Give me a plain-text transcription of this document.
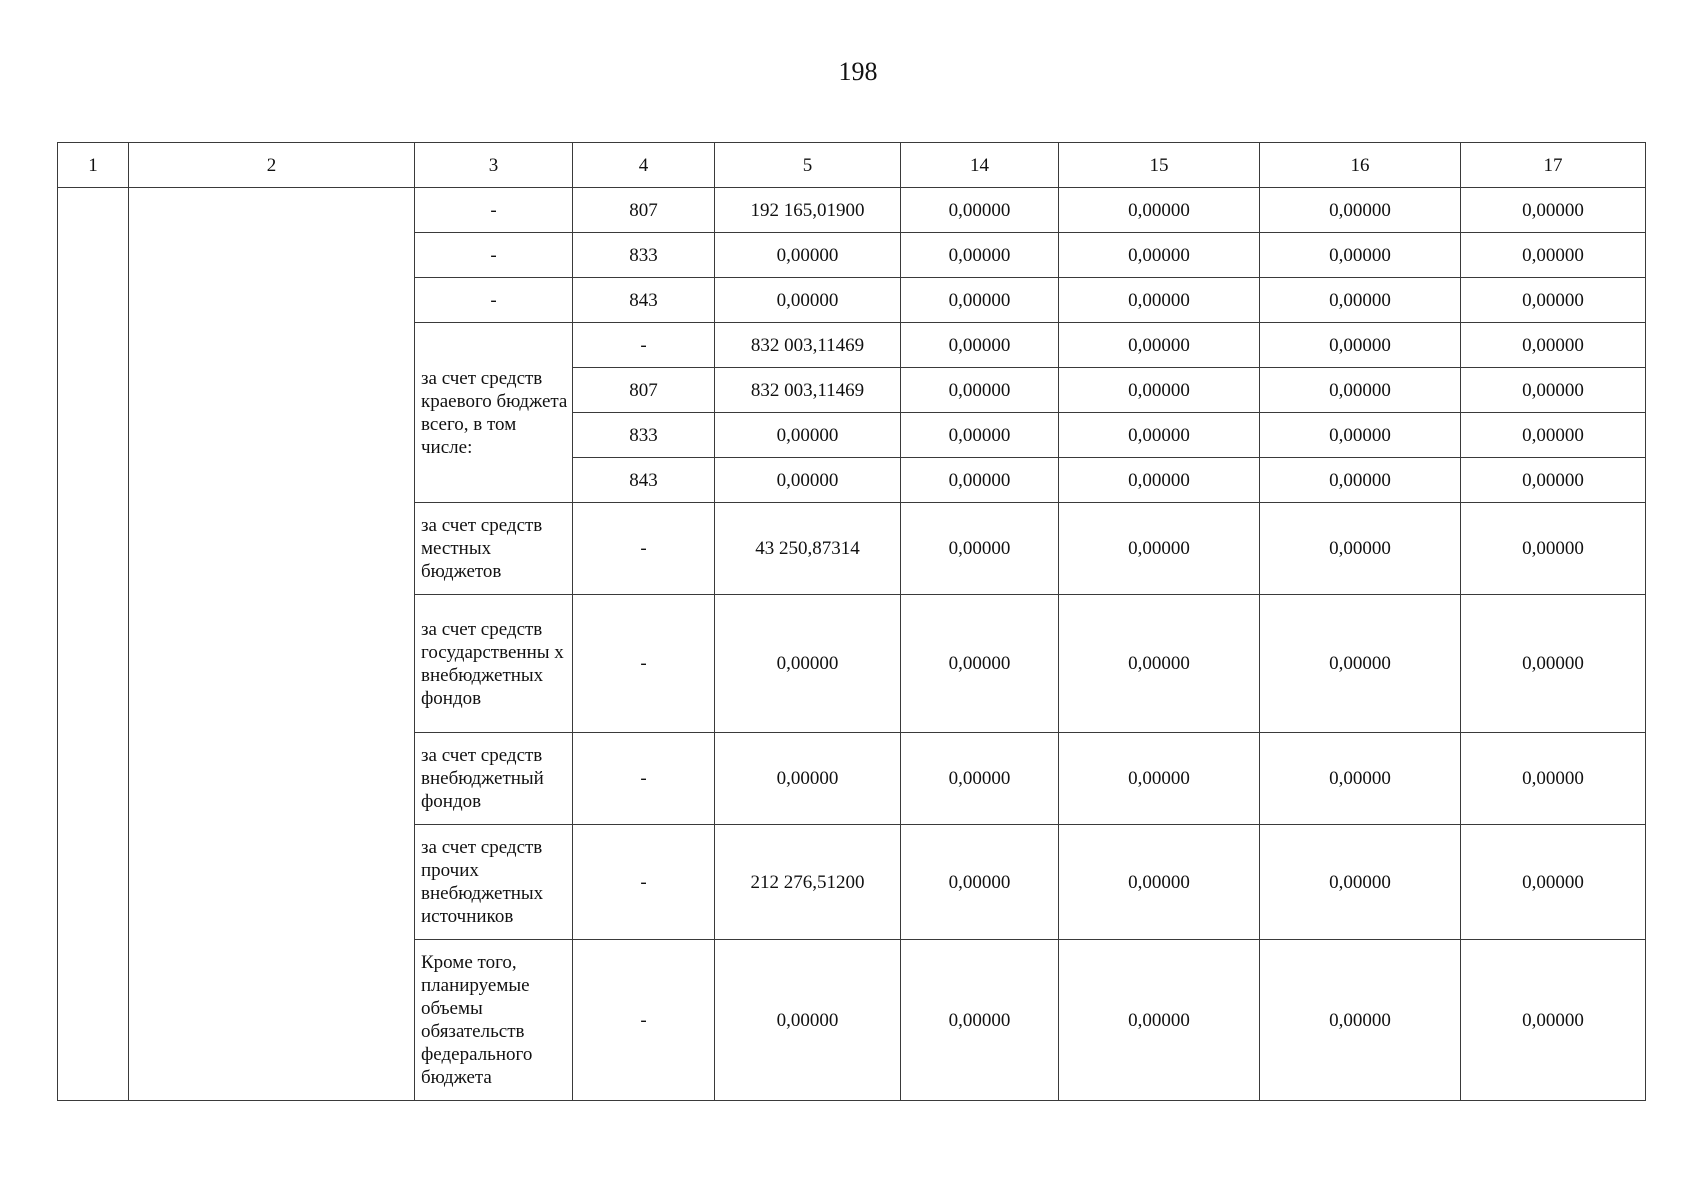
198
1	2	3	4	5	14	15	16	17
		-	807	192 165,01900	0,00000	0,00000	0,00000	0,00000
		-	833	0,00000	0,00000	0,00000	0,00000	0,00000
		-	843	0,00000	0,00000	0,00000	0,00000	0,00000
		за счет средств краевого бюджета всего, в том числе:	-	832 003,11469	0,00000	0,00000	0,00000	0,00000
			807	832 003,11469	0,00000	0,00000	0,00000	0,00000
			833	0,00000	0,00000	0,00000	0,00000	0,00000
			843	0,00000	0,00000	0,00000	0,00000	0,00000
		за счет средств местных бюджетов	-	43 250,87314	0,00000	0,00000	0,00000	0,00000
		за счет средств государственны х внебюджетных фондов	-	0,00000	0,00000	0,00000	0,00000	0,00000
		за счет средств внебюджетный фондов	-	0,00000	0,00000	0,00000	0,00000	0,00000
		за счет средств прочих внебюджетных источников	-	212 276,51200	0,00000	0,00000	0,00000	0,00000
		Кроме того, планируемые объемы обязательств федерального бюджета	-	0,00000	0,00000	0,00000	0,00000	0,00000
